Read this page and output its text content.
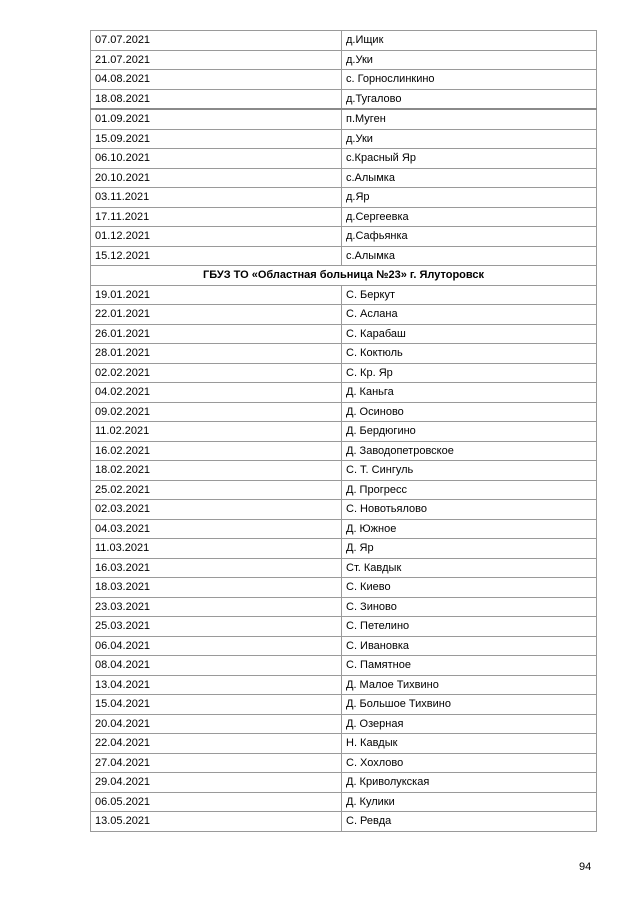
07.07.2021	д.Ищик
21.07.2021	д.Уки
04.08.2021	с. Горнослинкино
18.08.2021	д.Тугалово
01.09.2021	п.Муген
15.09.2021	д.Уки
06.10.2021	с.Красный Яр
20.10.2021	с.Алымка
03.11.2021	д.Яр
17.11.2021	д.Сергеевка
01.12.2021	д.Сафьянка
15.12.2021	с.Алымка
ГБУЗ ТО «Областная больница №23» г. Ялуторовск	
19.01.2021	С. Беркут
22.01.2021	С. Аслана
26.01.2021	С. Карабаш
28.01.2021	С. Коктюль
02.02.2021	С. Кр. Яр
04.02.2021	Д. Каньга
09.02.2021	Д. Осиново
11.02.2021	Д. Бердюгино
16.02.2021	Д. Заводопетровское
18.02.2021	С. Т. Сингуль
25.02.2021	Д. Прогресс
02.03.2021	С. Новотьялово
04.03.2021	Д. Южное
11.03.2021	Д. Яр
16.03.2021	Ст. Кавдык
18.03.2021	С. Киево
23.03.2021	С. Зиново
25.03.2021	С. Петелино
06.04.2021	С. Ивановка
08.04.2021	С. Памятное
13.04.2021	Д. Малое Тихвино
15.04.2021	Д. Большое Тихвино
20.04.2021	Д. Озерная
22.04.2021	Н. Кавдык
27.04.2021	С. Хохлово
29.04.2021	Д. Криволукская
06.05.2021	Д. Кулики
13.05.2021	С. Ревда
94
